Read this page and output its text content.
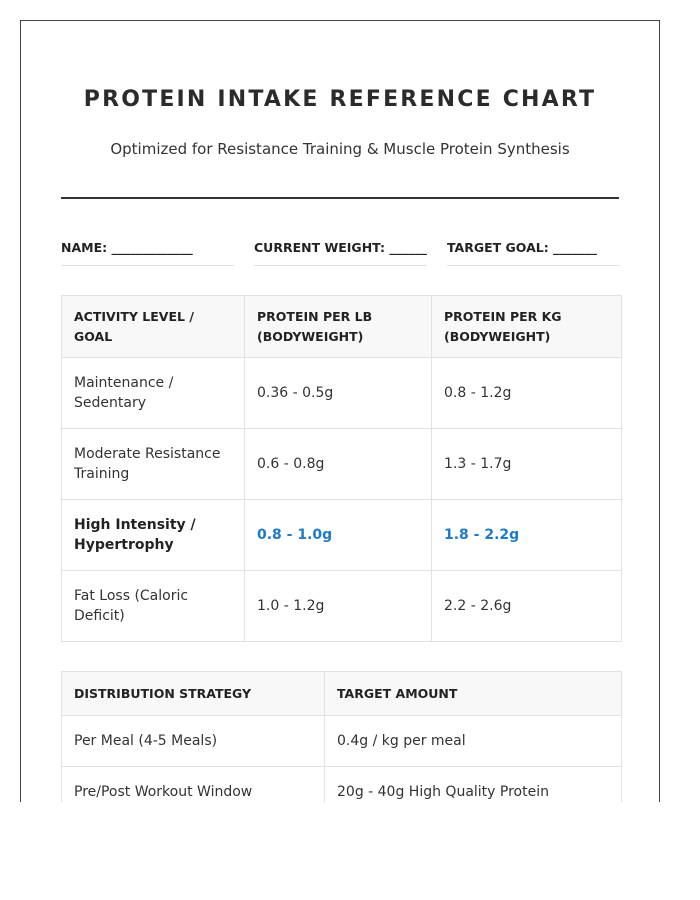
PROTEIN INTAKE REFERENCE CHART
Optimized for Resistance Training & Muscle Protein Synthesis
NAME: _____________	CURRENT WEIGHT: ______ TARGET GOAL: _______
ACTIVITY LEVEL / GOAL	PROTEIN PER LB (BODYWEIGHT)	PROTEIN PER KG (BODYWEIGHT)
Maintenance / Sedentary	0.36 - 0.5g	0.8 - 1.2g
Moderate Resistance Training	0.6 - 0.8g	1.3 - 1.7g
High Intensity / Hypertrophy	0.8 - 1.0g	1.8 - 2.2g
Fat Loss (Caloric Deficit)	1.0 - 1.2g	2.2 - 2.6g
DISTRIBUTION STRATEGY	TARGET AMOUNT
Per Meal (4-5 Meals)	0.4g / kg per meal
Pre/Post Workout Window	20g - 40g High Quality Protein
